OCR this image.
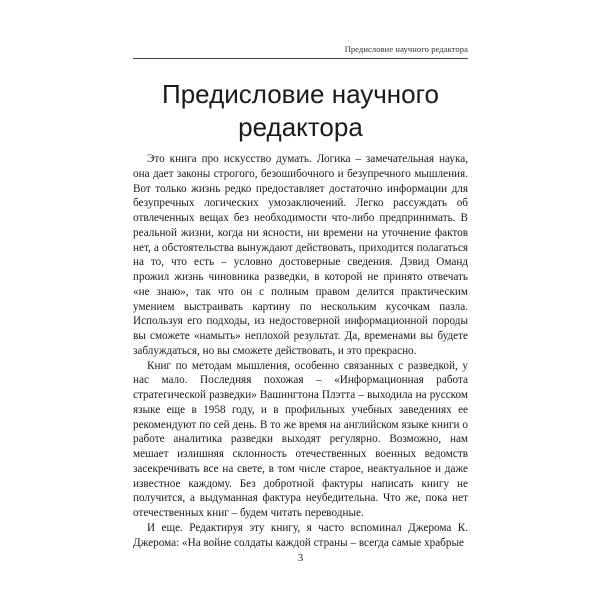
Предисловие научного редактора
Предисловие научного
редактора

Это книга про искусство думать. Логика – замечательная наука, она дает законы строгого, безошибочного и безупречного мышления. Вот только жизнь редко предоставляет достаточно информации для безупречных логических умозаключений. Легко рассуждать об отвлеченных вещах без необходимости что-либо предпринимать. В реальной жизни, когда ни ясности, ни времени на уточнение фактов нет, а обстоятельства вынуждают действовать, приходится полагаться на то, что есть – условно достоверные сведения. Дэвид Оманд прожил жизнь чиновника разведки, в которой не принято отвечать «не знаю», так что он с полным правом делится практическим умением выстраивать картину по нескольким кусочкам пазла. Используя его подходы, из недостоверной информационной породы вы сможете «намыть» неплохой результат. Да, временами вы будете заблуждаться, но вы сможете действовать, и это прекрасно.

Книг по методам мышления, особенно связанных с разведкой, у нас мало. Последняя похожая – «Информационная работа стратегической разведки» Вашингтона Плэтта – выходила на русском языке еще в 1958 году, и в профильных учебных заведениях ее рекомендуют по сей день. В то же время на английском языке книги о работе аналитика разведки выходят регулярно. Возможно, нам мешает излишняя склонность отечественных военных ведомств засекречивать все на свете, в том числе старое, неактуальное и даже известное каждому. Без добротной фактуры написать книгу не получится, а выдуманная фактура неубедительна. Что же, пока нет отечественных книг – будем читать переводные.

И еще. Редактируя эту книгу, я часто вспоминал Джерома К. Джерома: «На войне солдаты каждой страны – всегда самые храбрые

3
